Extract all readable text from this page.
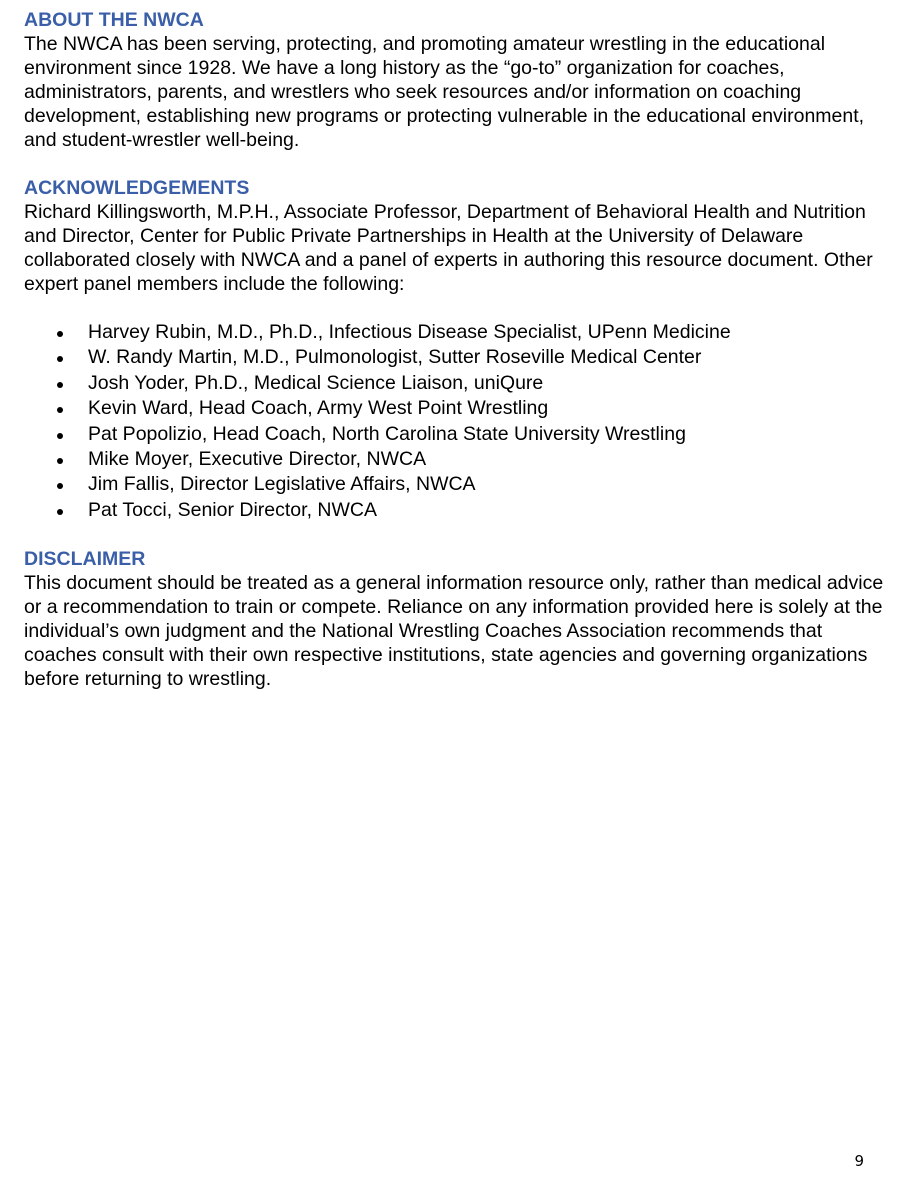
ABOUT THE NWCA

The NWCA has been serving, protecting, and promoting amateur wrestling in the educational environment since 1928. We have a long history as the “go-to” organization for coaches, administrators, parents, and wrestlers who seek resources and/or information on coaching development, establishing new programs or protecting vulnerable in the educational environment, and student-wrestler well-being.

ACKNOWLEDGEMENTS

Richard Killingsworth, M.P.H., Associate Professor, Department of Behavioral Health and Nutrition and Director, Center for Public Private Partnerships in Health at the University of Delaware collaborated closely with NWCA and a panel of experts in authoring this resource document. Other expert panel members include the following:

Harvey Rubin, M.D., Ph.D., Infectious Disease Specialist, UPenn Medicine
W. Randy Martin, M.D., Pulmonologist, Sutter Roseville Medical Center
Josh Yoder, Ph.D., Medical Science Liaison, uniQure
Kevin Ward, Head Coach, Army West Point Wrestling
Pat Popolizio, Head Coach, North Carolina State University Wrestling
Mike Moyer, Executive Director, NWCA
Jim Fallis, Director Legislative Affairs, NWCA
Pat Tocci, Senior Director, NWCA
DISCLAIMER

This document should be treated as a general information resource only, rather than medical advice or a recommendation to train or compete. Reliance on any information provided here is solely at the individual’s own judgment and the National Wrestling Coaches Association recommends that coaches consult with their own respective institutions, state agencies and governing organizations before returning to wrestling.

9
